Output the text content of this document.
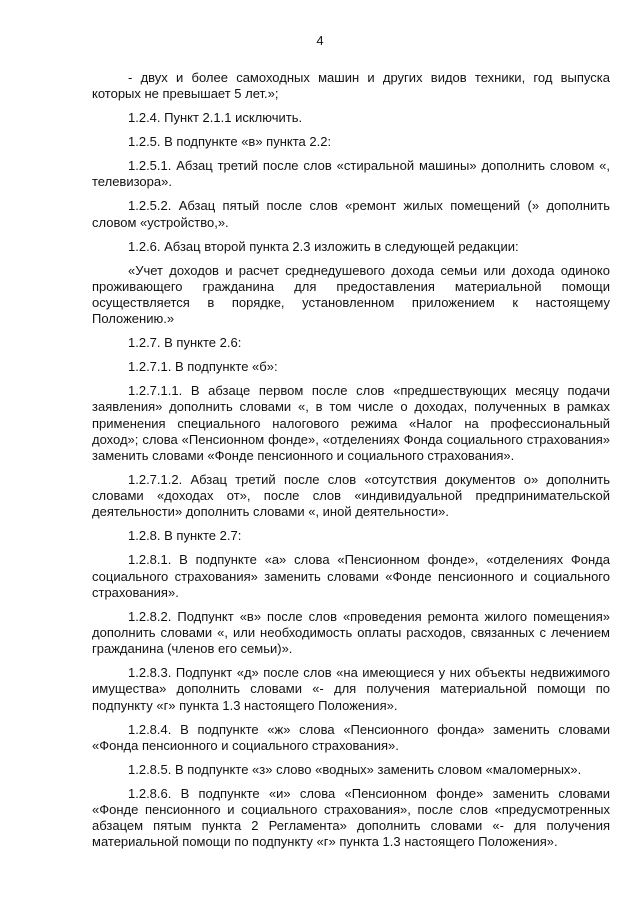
4

- двух и более самоходных машин и других видов техники, год выпуска которых не превышает 5 лет.»;

1.2.4. Пункт 2.1.1 исключить.

1.2.5. В подпункте «в» пункта 2.2:

1.2.5.1. Абзац третий после слов «стиральной машины» дополнить словом «, телевизора».

1.2.5.2. Абзац пятый после слов «ремонт жилых помещений (» дополнить словом «устройство,».

1.2.6. Абзац второй пункта 2.3 изложить в следующей редакции:

«Учет доходов и расчет среднедушевого дохода семьи или дохода одиноко проживающего гражданина для предоставления материальной помощи осуществляется в порядке, установленном приложением к настоящему Положению.»

1.2.7. В пункте 2.6:

1.2.7.1. В подпункте «б»:

1.2.7.1.1. В абзаце первом после слов «предшествующих месяцу подачи заявления» дополнить словами «, в том числе о доходах, полученных в рамках применения специального налогового режима «Налог на профессиональный доход»; слова «Пенсионном фонде», «отделениях Фонда социального страхования» заменить словами «Фонде пенсионного и социального страхования».

1.2.7.1.2. Абзац третий после слов «отсутствия документов о» дополнить словами «доходах от», после слов «индивидуальной предпринимательской деятельности» дополнить словами «, иной деятельности».

1.2.8. В пункте 2.7:

1.2.8.1. В подпункте «а» слова «Пенсионном фонде», «отделениях Фонда социального страхования» заменить словами «Фонде пенсионного и социального страхования».

1.2.8.2. Подпункт «в» после слов «проведения ремонта жилого помещения» дополнить словами «, или необходимость оплаты расходов, связанных с лечением гражданина (членов его семьи)».

1.2.8.3. Подпункт «д» после слов «на имеющиеся у них объекты недвижимого имущества» дополнить словами «- для получения материальной помощи по подпункту «г» пункта 1.3 настоящего Положения».

1.2.8.4. В подпункте «ж» слова «Пенсионного фонда» заменить словами «Фонда пенсионного и социального страхования».

1.2.8.5. В подпункте «з» слово «водных» заменить словом «маломерных».

1.2.8.6. В подпункте «и» слова «Пенсионном фонде» заменить словами «Фонде пенсионного и социального страхования», после слов «предусмотренных абзацем пятым пункта 2 Регламента» дополнить словами «- для получения материальной помощи по подпункту «г» пункта 1.3 настоящего Положения».
